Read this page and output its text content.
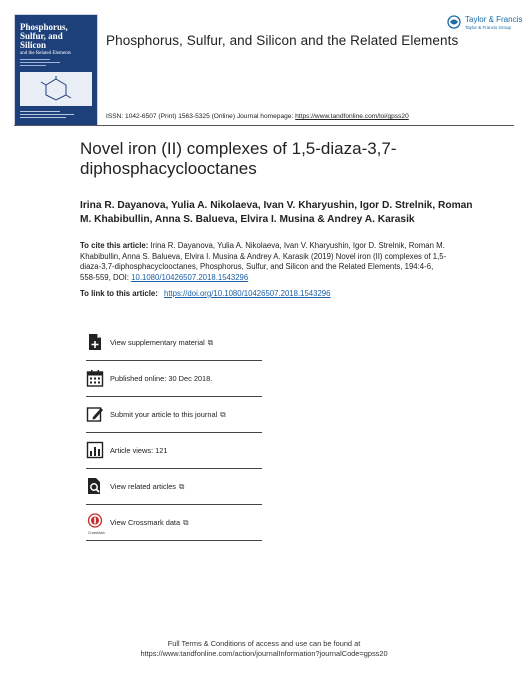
Phosphorus,
Sulfur, and
Silicon
and the Related Elements
Phosphorus, Sulfur, and Silicon and the Related Elements
Taylor & Francis
Taylor & Francis Group
ISSN: 1042-6507 (Print) 1563-5325 (Online) Journal homepage: https://www.tandfonline.com/loi/gpss20
Novel iron (II) complexes of 1,5-diaza-3,7-diphosphacyclooctanes
Irina R. Dayanova, Yulia A. Nikolaeva, Ivan V. Kharyushin, Igor D. Strelnik, Roman M. Khabibullin, Anna S. Balueva, Elvira I. Musina & Andrey A. Karasik
To cite this article: Irina R. Dayanova, Yulia A. Nikolaeva, Ivan V. Kharyushin, Igor D. Strelnik, Roman M. Khabibullin, Anna S. Balueva, Elvira I. Musina & Andrey A. Karasik (2019) Novel iron (II) complexes of 1,5-diaza-3,7-diphosphacyclooctanes, Phosphorus, Sulfur, and Silicon and the Related Elements, 194:4-6, 558-559, DOI: 10.1080/10426507.2018.1543296
To link to this article: https://doi.org/10.1080/10426507.2018.1543296
View supplementary material ⧉
Published online: 30 Dec 2018.
Submit your article to this journal ⧉
Article views: 121
View related articles ⧉
CrossMark
View Crossmark data ⧉
Full Terms & Conditions of access and use can be found at
https://www.tandfonline.com/action/journalInformation?journalCode=gpss20
